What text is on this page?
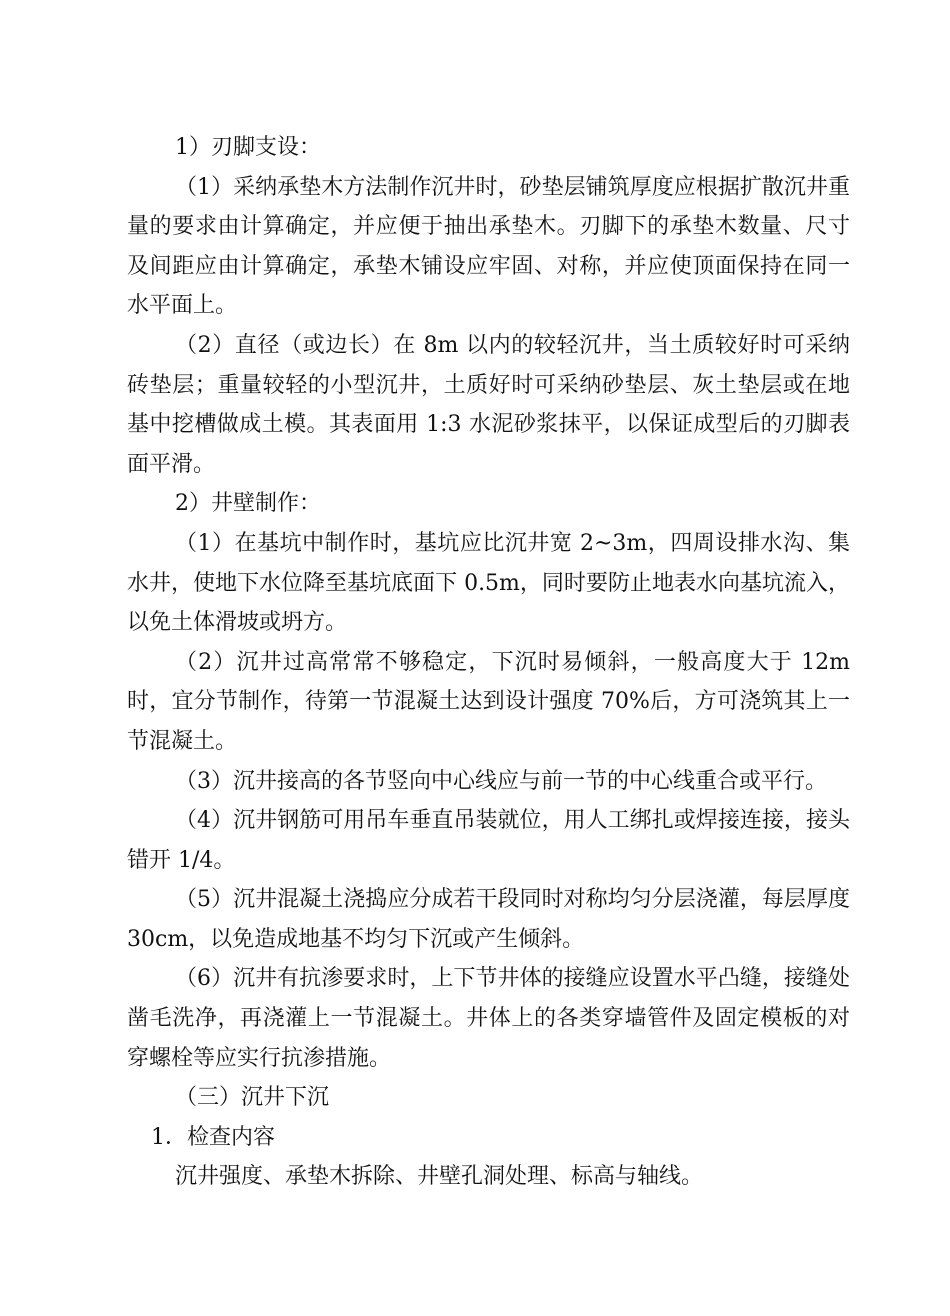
1）刃脚支设：

（1）采纳承垫木方法制作沉井时，砂垫层铺筑厚度应根据扩散沉井重量的要求由计算确定，并应便于抽出承垫木。刃脚下的承垫木数量、尺寸及间距应由计算确定，承垫木铺设应牢固、对称，并应使顶面保持在同一水平面上。

（2）直径（或边长）在 8m 以内的较轻沉井，当土质较好时可采纳砖垫层；重量较轻的小型沉井，土质好时可采纳砂垫层、灰土垫层或在地基中挖槽做成土模。其表面用 1:3 水泥砂浆抹平，以保证成型后的刃脚表面平滑。

2）井壁制作：

（1）在基坑中制作时，基坑应比沉井宽 2~3m，四周设排水沟、集水井，使地下水位降至基坑底面下 0.5m，同时要防止地表水向基坑流入，以免土体滑坡或坍方。

（2）沉井过高常常不够稳定，下沉时易倾斜，一般高度大于 12m 时，宜分节制作，待第一节混凝土达到设计强度 70%后，方可浇筑其上一节混凝土。

（3）沉井接高的各节竖向中心线应与前一节的中心线重合或平行。

（4）沉井钢筋可用吊车垂直吊装就位，用人工绑扎或焊接连接，接头错开 1/4。

（5）沉井混凝土浇捣应分成若干段同时对称均匀分层浇灌，每层厚度 30cm，以免造成地基不均匀下沉或产生倾斜。

（6）沉井有抗渗要求时，上下节井体的接缝应设置水平凸缝，接缝处凿毛洗净，再浇灌上一节混凝土。井体上的各类穿墙管件及固定模板的对穿螺栓等应实行抗渗措施。

（三）沉井下沉

1．检查内容

沉井强度、承垫木拆除、井壁孔洞处理、标高与轴线。
